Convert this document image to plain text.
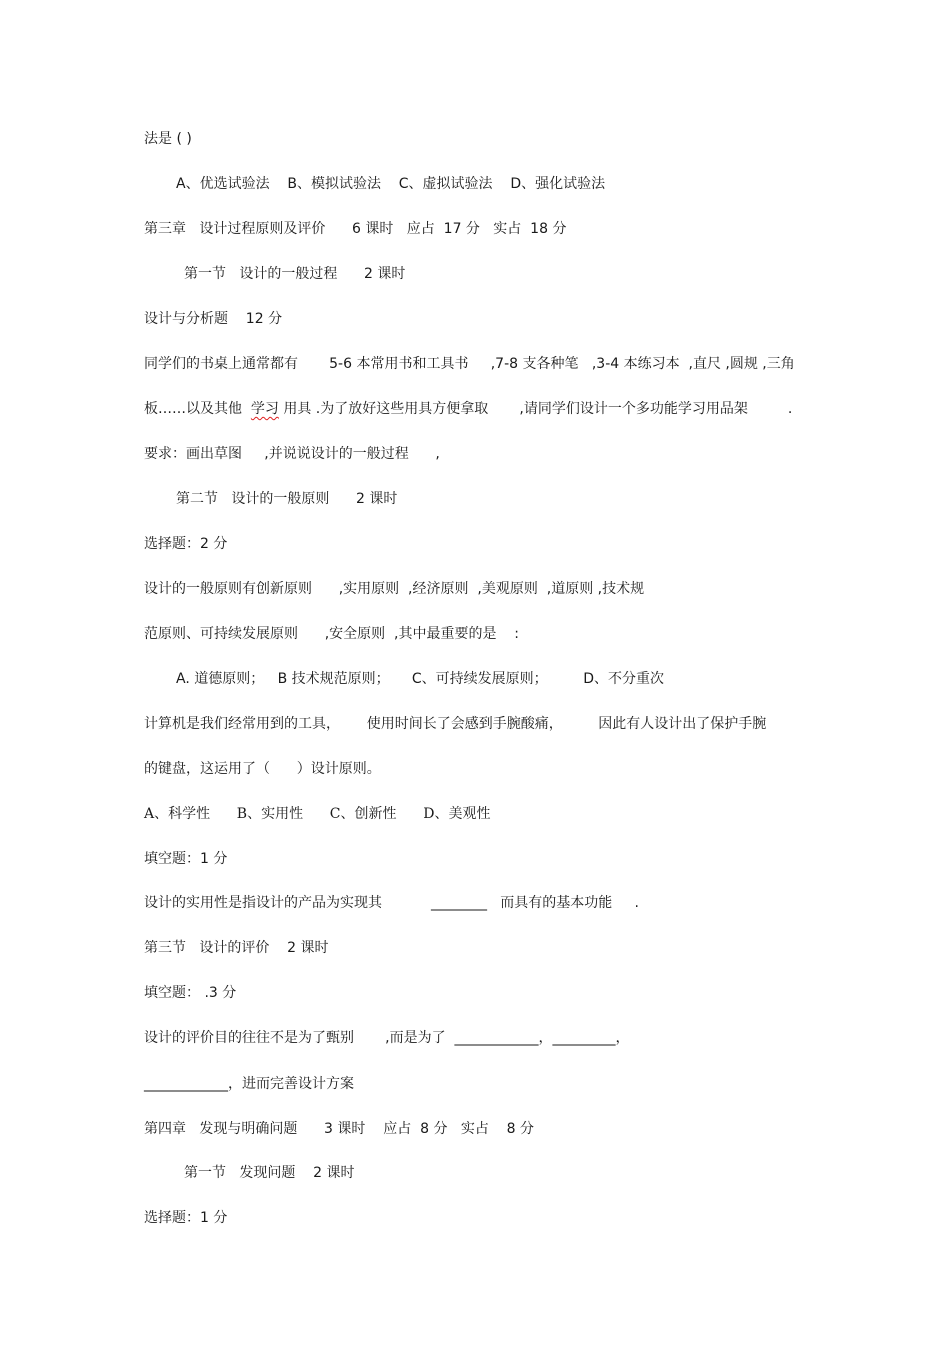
法是 ( )
A、优选试验法    B、模拟试验法    C、虚拟试验法    D、强化试验法
第三章   设计过程原则及评价      6 课时   应占  17 分   实占  18 分
第一节   设计的一般过程      2 课时
设计与分析题    12 分
同学们的书桌上通常都有       5-6 本常用书和工具书     ,7-8 支各种笔   ,3-4 本练习本  ,直尺 ,圆规 ,三角
板……以及其他  学习 用具 .为了放好这些用具方便拿取       ,请同学们设计一个多功能学习用品架         .
要求：画出草图     ,并说说设计的一般过程      ,
第二节   设计的一般原则      2 课时
选择题：2 分
设计的一般原则有创新原则      ,实用原则  ,经济原则  ,美观原则  ,道原则 ,技术规
范原则、可持续发展原则      ,安全原则  ,其中最重要的是    :
A. 道德原则；   B 技术规范原则；     C、可持续发展原则；        D、不分重次
计算机是我们经常用到的工具，      使用时间长了会感到手腕酸痛，        因此有人设计出了保护手腕
的键盘，这运用了（      ）设计原则。
A、科学性      B、实用性      C、创新性      D、美观性
填空题：1 分
设计的实用性是指设计的产品为实现其           ________   而具有的基本功能     .
第三节   设计的评价    2 课时
填空题： .3 分
设计的评价目的往往不是为了甄别       ,而是为了  ____________，_________，
____________，进而完善设计方案
第四章   发现与明确问题      3 课时    应占  8 分   实占    8 分
第一节   发现问题    2 课时
选择题：1 分
